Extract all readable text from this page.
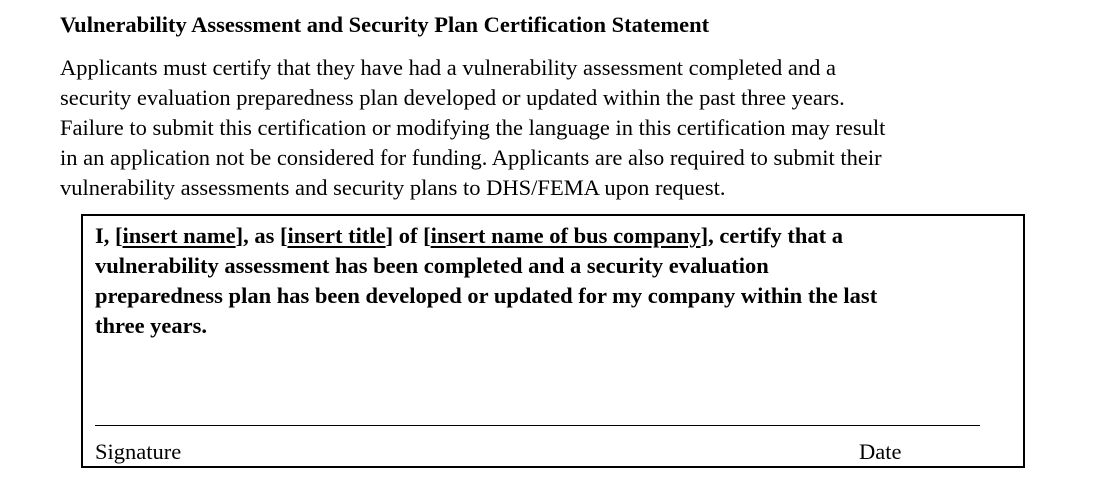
Vulnerability Assessment and Security Plan Certification Statement
Applicants must certify that they have had a vulnerability assessment completed and a
security evaluation preparedness plan developed or updated within the past three years.
Failure to submit this certification or modifying the language in this certification may result
in an application not be considered for funding. Applicants are also required to submit their
vulnerability assessments and security plans to DHS/FEMA upon request.
I, [insert name], as [insert title] of [insert name of bus company], certify that a
vulnerability assessment has been completed and a security evaluation
preparedness plan has been developed or updated for my company within the last
three years.
Signature	Date
